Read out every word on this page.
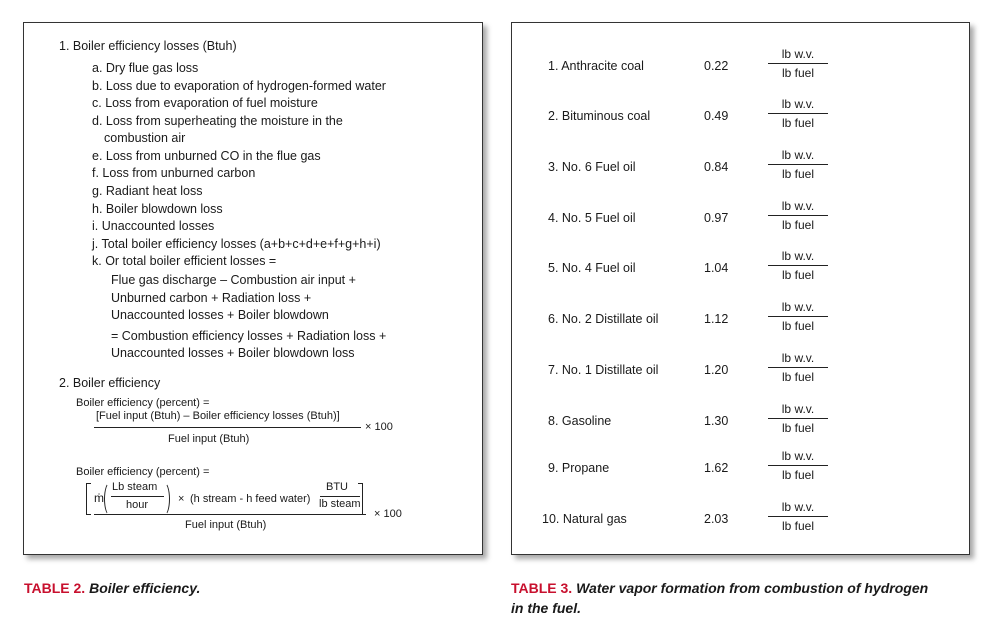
1. Boiler efficiency losses (Btuh)
a. Dry flue gas loss
b. Loss due to evaporation of hydrogen-formed water
c. Loss from evaporation of fuel moisture
d. Loss from superheating the moisture in the
combustion air
e. Loss from unburned CO in the flue gas
f. Loss from unburned carbon
g. Radiant heat loss
h. Boiler blowdown loss
i. Unaccounted losses
j. Total boiler efficiency losses (a+b+c+d+e+f+g+h+i)
k. Or total boiler efficient losses =
Flue gas discharge – Combustion air input +
Unburned carbon + Radiation loss +
Unaccounted losses + Boiler blowdown
= Combustion efficiency losses + Radiation loss +
Unaccounted losses + Boiler blowdown loss
2. Boiler efficiency
Boiler efficiency (percent) =
[Fuel input (Btuh) – Boiler efficiency losses (Btuh)]
Fuel input (Btuh)
× 100
Boiler efficiency (percent) =
ṁ
Lb steam
hour	× (h stream - h feed water)
BTU
lb steam
Fuel input (Btuh)
× 100
1. Anthracite coal	0.22
lb w.v.
lb fuel
2. Bituminous coal	0.49
lb w.v.
lb fuel
3. No. 6 Fuel oil	0.84
lb w.v.
lb fuel
4. No. 5 Fuel oil	0.97
lb w.v.
lb fuel
5. No. 4 Fuel oil	1.04
lb w.v.
lb fuel
6. No. 2 Distillate oil	1.12
lb w.v.
lb fuel
7. No. 1 Distillate oil	1.20
lb w.v.
lb fuel
8. Gasoline	1.30
lb w.v.
lb fuel
9. Propane	1.62
lb w.v.
lb fuel
10. Natural gas	2.03
lb w.v.
lb fuel
TABLE 2. Boiler efficiency.	TABLE 3. Water vapor formation from combustion of hydrogen
in the fuel.
